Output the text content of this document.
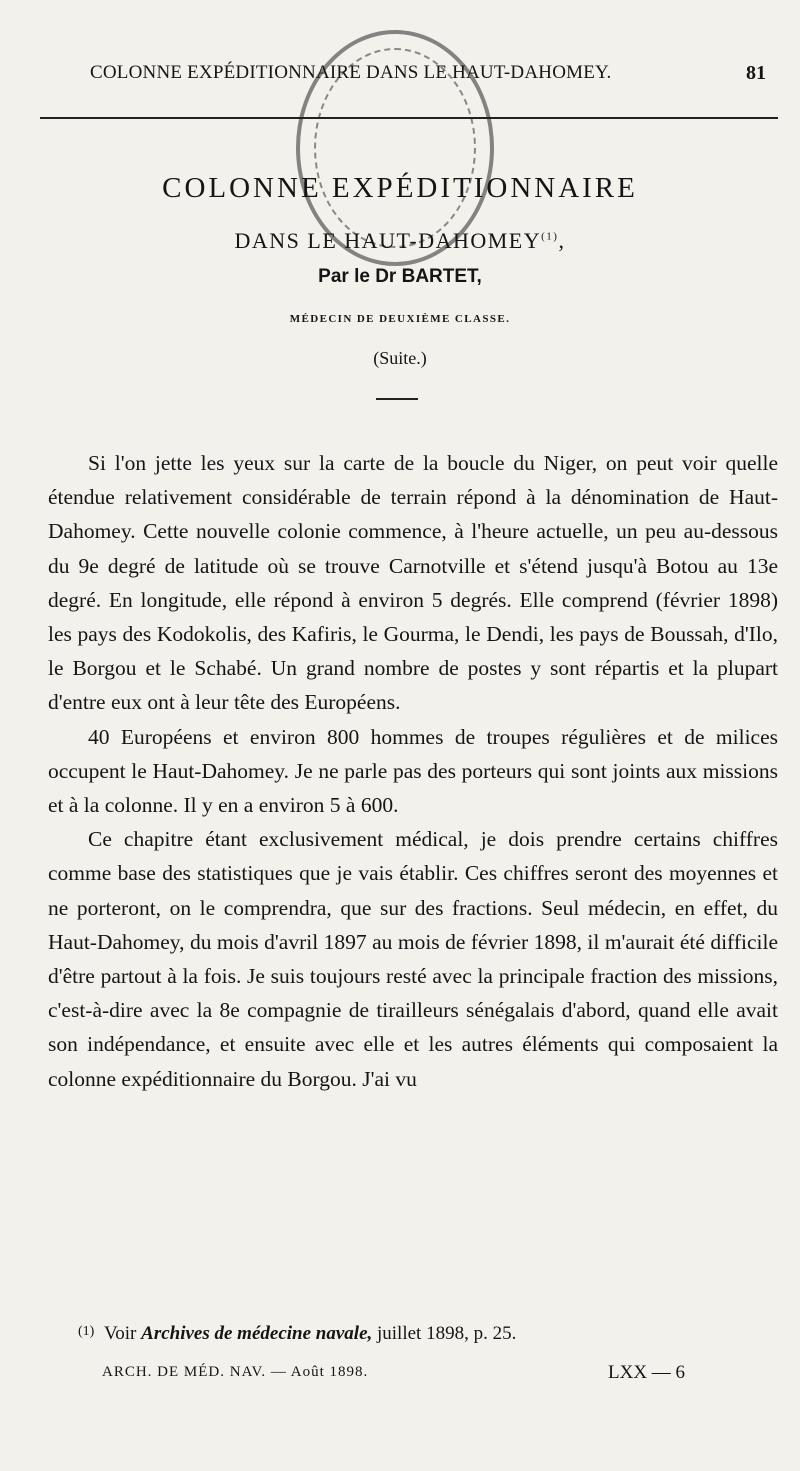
COLONNE EXPÉDITIONNAIRE DANS LE HAUT-DAHOMEY.	81
COLONNE EXPÉDITIONNAIRE
DANS LE HAUT-DAHOMEY$^{(1)}$,
Par le Dr BARTET,
MÉDECIN DE DEUXIÈME CLASSE.
(Suite.)

Si l'on jette les yeux sur la carte de la boucle du Niger, on peut voir quelle étendue relativement considérable de terrain répond à la dénomination de Haut-Dahomey. Cette nouvelle colonie commence, à l'heure actuelle, un peu au-dessous du 9e degré de latitude où se trouve Carnotville et s'étend jusqu'à Botou au 13e degré. En longitude, elle répond à environ 5 degrés. Elle comprend (février 1898) les pays des Kodokolis, des Kafiris, le Gourma, le Dendi, les pays de Boussah, d'Ilo, le Borgou et le Schabé. Un grand nombre de postes y sont répartis et la plupart d'entre eux ont à leur tête des Européens.

40 Européens et environ 800 hommes de troupes régulières et de milices occupent le Haut-Dahomey. Je ne parle pas des porteurs qui sont joints aux missions et à la colonne. Il y en a environ 5 à 600.

Ce chapitre étant exclusivement médical, je dois prendre certains chiffres comme base des statistiques que je vais établir. Ces chiffres seront des moyennes et ne porteront, on le comprendra, que sur des fractions. Seul médecin, en effet, du Haut-Dahomey, du mois d'avril 1897 au mois de février 1898, il m'aurait été difficile d'être partout à la fois. Je suis toujours resté avec la principale fraction des missions, c'est-à-dire avec la 8e compagnie de tirailleurs sénégalais d'abord, quand elle avait son indépendance, et ensuite avec elle et les autres éléments qui composaient la colonne expéditionnaire du Borgou. J'ai vu

(1) Voir Archives de médecine navale, juillet 1898, p. 25.
ARCH. DE MÉD. NAV. — Août 1898.	LXX — 6
